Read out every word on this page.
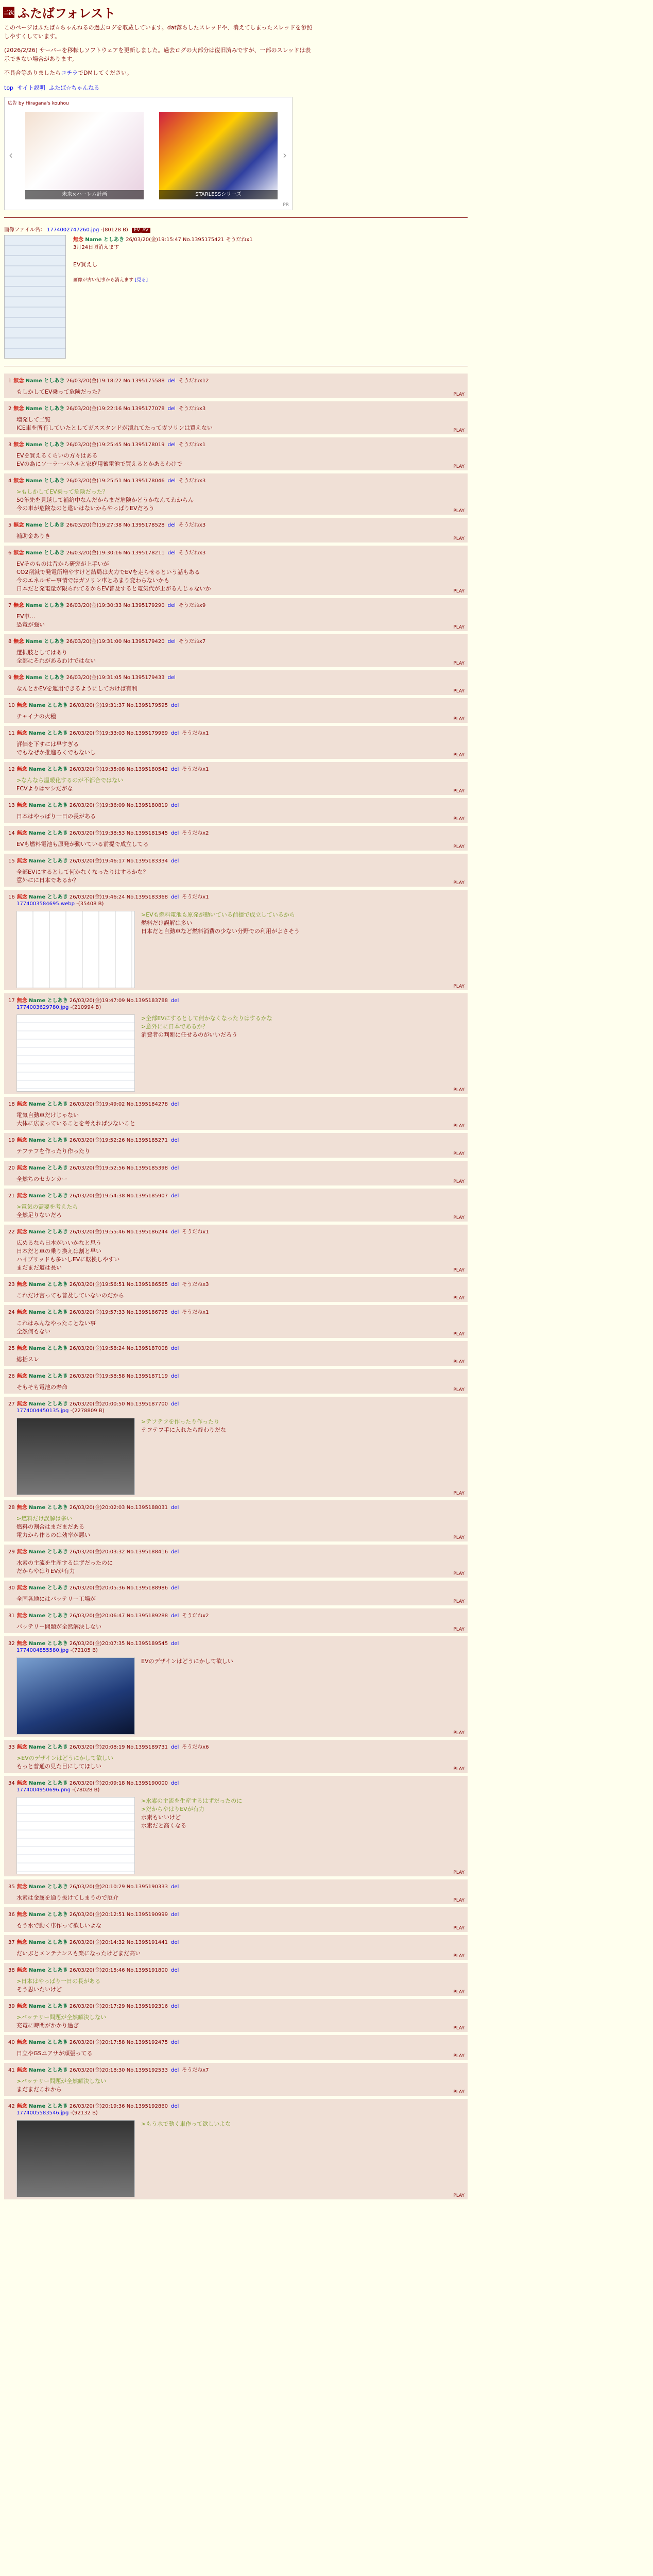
二次 ふたばフォレスト

このページはふたば☆ちゃんねるの過去ログを収蔵しています。dat落ちしたスレッドや、消えてしまったスレッドを参照しやすくしています。

(2026/2/26) サーバーを移転しソフトウェアを更新しました。過去ログの大部分は復旧済みですが、一部のスレッドは表示できない場合があります。

不具合等ありましたらコチラでDMしてください。

top サイト説明 ふたば☆ちゃんねる
広告 by Hiragana's kouhou
‹
未来×ハーレム計画	STARLESSシリーズ
›
PR
画像ファイル名： 1774002747260.jpg -(80128 B) EV_AV
無念 Name としあき 26/03/20(金)19:15:47 No.1395175421 そうだねx1
3月24日頃消えます
EV買えし
画像が古い記事から消えます [見る]
1 無念 Name としあき 26/03/20(金)19:18:22 No.1395175588 del そうだねx12
もしかしてEV乗って危険だった？	PLAY
2 無念 Name としあき 26/03/20(金)19:22:16 No.1395177078 del そうだねx3
増発して二覧
ICE車を所有していたとしてガススタンドが潰れてたってガソリンは買えない	PLAY
3 無念 Name としあき 26/03/20(金)19:25:45 No.1395178019 del そうだねx1
EVを買えるくらいの方々はある
EVの為にソーラーパネルと家庭用蓄電池で買えるとかあるわけで	PLAY
4 無念 Name としあき 26/03/20(金)19:25:51 No.1395178046 del そうだねx3
>もしかしてEV乗って危険だった？
50年先を見越して補給中なんだからまだ危険かどうかなんてわからん
今の車が危険なのと違いはないからやっぱりEVだろう	PLAY
5 無念 Name としあき 26/03/20(金)19:27:38 No.1395178528 del そうだねx3
補助金ありき	PLAY
6 無念 Name としあき 26/03/20(金)19:30:16 No.1395178211 del そうだねx3
EVそのものは昔から研究が上手いが
CO2削減で発電所増やすけど結局は火力でEVを走らせるという話もある
今のエネルギー事情ではガソリン車とあまり変わらないかも
日本だと発電量が限られてるからEV普及すると電気代が上がるんじゃないか	PLAY
7 無念 Name としあき 26/03/20(金)19:30:33 No.1395179290 del そうだねx9
EV車…
恐竜が強い	PLAY
8 無念 Name としあき 26/03/20(金)19:31:00 No.1395179420 del そうだねx7
選択肢としてはあり
全部にそれがあるわけではない	PLAY
9 無念 Name としあき 26/03/20(金)19:31:05 No.1395179433 del
なんとかEVを運用できるようにしておけば有利	PLAY
10 無念 Name としあき 26/03/20(金)19:31:37 No.1395179595 del
チャイナの火種	PLAY
11 無念 Name としあき 26/03/20(金)19:33:03 No.1395179969 del そうだねx1
評価を下すには早すぎる
でもなぜか推進ろくでもないし	PLAY
12 無念 Name としあき 26/03/20(金)19:35:08 No.1395180542 del そうだねx1
>なんなら温暖化するのが不都合ではない
FCVよりはマシだがな	PLAY
13 無念 Name としあき 26/03/20(金)19:36:09 No.1395180819 del
日本はやっぱり一日の長がある	PLAY
14 無念 Name としあき 26/03/20(金)19:38:53 No.1395181545 del そうだねx2
EVも燃料電池も原発が動いている前提で成立してる	PLAY
15 無念 Name としあき 26/03/20(金)19:46:17 No.1395183334 del
全部EVにするとして何かなくなったりはするかな？
意外にに日本であるか？	PLAY
16 無念 Name としあき 26/03/20(金)19:46:24 No.1395183368 del そうだねx1
1774003584695.webp -(35408 B)
>EVも燃料電池も原発が動いている前提で成立しているから
燃料だけ誤解は多い
日本だと自動車など燃料消費の少ない分野での利用がよさそう
PLAY
17 無念 Name としあき 26/03/20(金)19:47:09 No.1395183788 del
1774003629780.jpg -(210994 B)
>全部EVにするとして何かなくなったりはするかな
>意外にに日本であるか？
消費者の判断に任せるのがいいだろう
PLAY
18 無念 Name としあき 26/03/20(金)19:49:02 No.1395184278 del
電気自動車だけじゃない
大体に広まっていることを考えれば少ないこと	PLAY
19 無念 Name としあき 26/03/20(金)19:52:26 No.1395185271 del
テフテフを作ったり作ったり	PLAY
20 無念 Name としあき 26/03/20(金)19:52:56 No.1395185398 del
全然ちのセカンカー	PLAY
21 無念 Name としあき 26/03/20(金)19:54:38 No.1395185907 del
>電気の需要を考えたら
全然足りないだろ	PLAY
22 無念 Name としあき 26/03/20(金)19:55:46 No.1395186244 del そうだねx1
広めるなら日本がいいかなと思う
日本だと車の乗り換えは割と早い
ハイブリッドも多いしEVに転換しやすい
まだまだ道は長い	PLAY
23 無念 Name としあき 26/03/20(金)19:56:51 No.1395186565 del そうだねx3
これだけ言っても普及していないのだから	PLAY
24 無念 Name としあき 26/03/20(金)19:57:33 No.1395186795 del そうだねx1
これはみんなやったことない事
全然何もない	PLAY
25 無念 Name としあき 26/03/20(金)19:58:24 No.1395187008 del
総括スレ	PLAY
26 無念 Name としあき 26/03/20(金)19:58:58 No.1395187119 del
そもそも電池の寿命	PLAY
27 無念 Name としあき 26/03/20(金)20:00:50 No.1395187700 del
1774004450135.jpg -(2278809 B)
>テフテフを作ったり作ったり
テフテフ手に入れたら終わりだな
PLAY
28 無念 Name としあき 26/03/20(金)20:02:03 No.1395188031 del
>燃料だけ誤解は多い
燃料の割合はまだまだある
電力から作るのは効率が悪い	PLAY
29 無念 Name としあき 26/03/20(金)20:03:32 No.1395188416 del
水素の主流を生産するはずだったのに
だからやはりEVが有力	PLAY
30 無念 Name としあき 26/03/20(金)20:05:36 No.1395188986 del
全国各地にはバッテリー工場が	PLAY
31 無念 Name としあき 26/03/20(金)20:06:47 No.1395189288 del そうだねx2
バッテリー問題が全然解決しない	PLAY
32 無念 Name としあき 26/03/20(金)20:07:35 No.1395189545 del
1774004855580.jpg -(72105 B)
EVのデザインはどうにかして欲しい
PLAY
33 無念 Name としあき 26/03/20(金)20:08:19 No.1395189731 del そうだねx6
>EVのデザインはどうにかして欲しい
もっと普通の見た目にしてほしい	PLAY
34 無念 Name としあき 26/03/20(金)20:09:18 No.1395190000 del
1774004950696.png -(78028 B)
>水素の主流を生産するはずだったのに
>だからやはりEVが有力
水素もいいけど
水素だと高くなる
PLAY
35 無念 Name としあき 26/03/20(金)20:10:29 No.1395190333 del
水素は金属を通り抜けてしまうので厄介	PLAY
36 無念 Name としあき 26/03/20(金)20:12:51 No.1395190999 del
もう水で動く車作って欲しいよな	PLAY
37 無念 Name としあき 26/03/20(金)20:14:32 No.1395191441 del
だいぶとメンテナンスも楽になったけどまだ高い	PLAY
38 無念 Name としあき 26/03/20(金)20:15:46 No.1395191800 del
>日本はやっぱり一日の長がある
そう思いたいけど	PLAY
39 無念 Name としあき 26/03/20(金)20:17:29 No.1395192316 del
>バッテリー問題が全然解決しない
充電に時間がかかり過ぎ	PLAY
40 無念 Name としあき 26/03/20(金)20:17:58 No.1395192475 del
日立やGSユアサが頑張ってる	PLAY
41 無念 Name としあき 26/03/20(金)20:18:30 No.1395192533 del そうだねx7
>バッテリー問題が全然解決しない
まだまだこれから	PLAY
42 無念 Name としあき 26/03/20(金)20:19:36 No.1395192860 del
1774005583546.jpg -(92132 B)
>もう水で動く車作って欲しいよな
PLAY
